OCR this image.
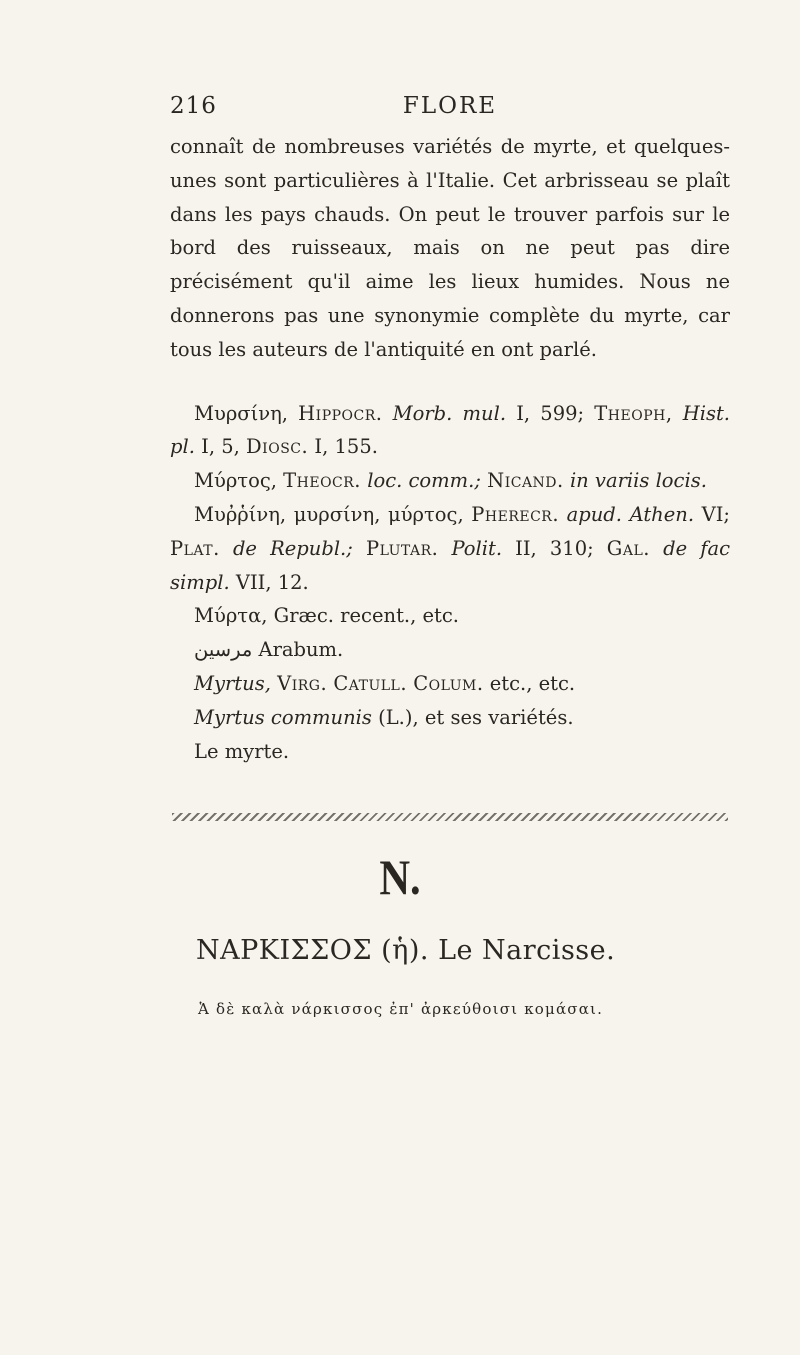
216	FLORE

connaît de nombreuses variétés de myrte, et quelques-unes sont particulières à l'Italie. Cet arbrisseau se plaît dans les pays chauds. On peut le trouver parfois sur le bord des ruisseaux, mais on ne peut pas dire précisément qu'il aime les lieux humides. Nous ne donnerons pas une synonymie complète du myrte, car tous les auteurs de l'antiquité en ont parlé.

Μυρσίνη, Hippocr. Morb. mul. I, 599; Theoph, Hist. pl. I, 5, Diosc. I, 155.

Μύρτος, Theocr. loc. comm.; Nicand. in variis locis.

Μυῤῥίνη, μυρσίνη, μύρτος, Pherecr. apud. Athen. VI; Plat. de Republ.; Plutar. Polit. II, 310; Gal. de fac simpl. VII, 12.

Μύρτα, Græc. recent., etc.

مرسين Arabum.

Myrtus, Virg. Catull. Colum. etc., etc.

Myrtus communis (L.), et ses variétés.

Le myrte.

N.
ΝΑΡΚΙΣΣΟΣ (ἡ). Le Narcisse.
Ἁ δὲ καλὰ νάρκισσος ἐπ' ἀρκεύθοισι κομάσαι.
